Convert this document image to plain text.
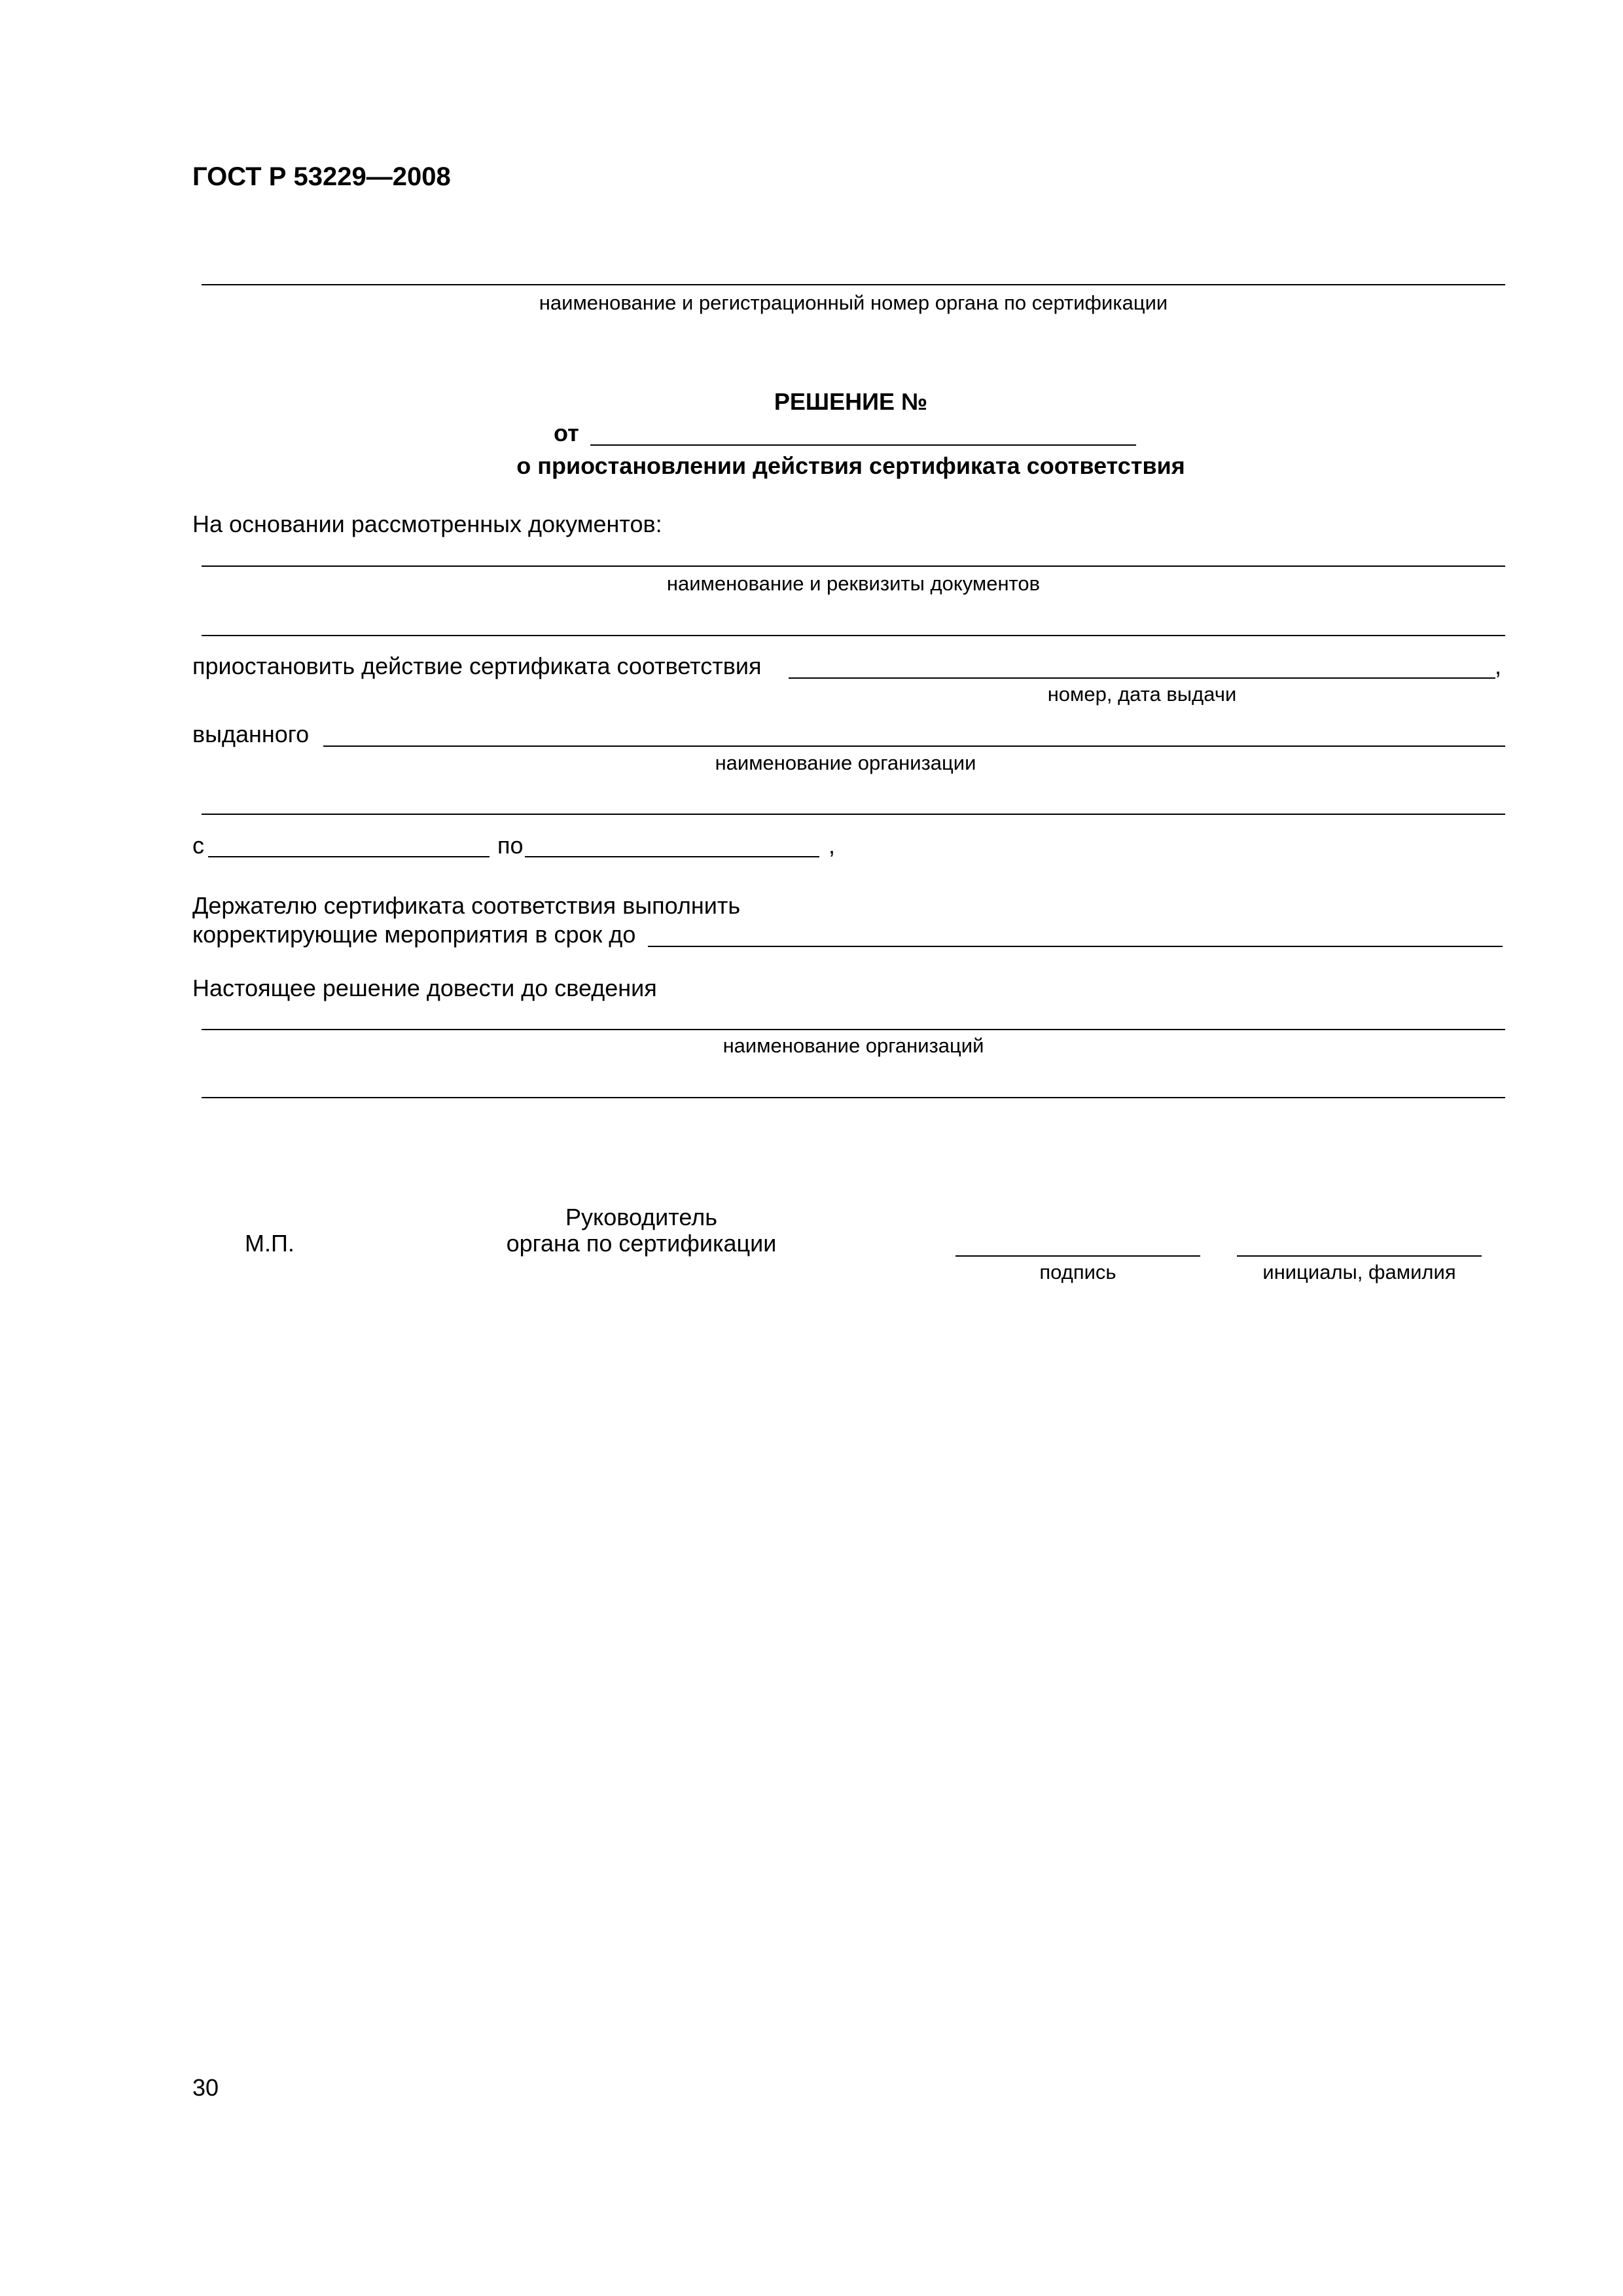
ГОСТ Р 53229—2008
наименование и регистрационный номер органа по сертификации
РЕШЕНИЕ №
от
о приостановлении действия сертификата соответствия
На основании рассмотренных документов:
наименование и реквизиты документов
приостановить действие сертификата соответствия	,
номер, дата выдачи
выданного
наименование организации
с	по	,
Держателю сертификата соответствия выполнить
корректирующие мероприятия в срок до
Настоящее решение довести до сведения
наименование организаций
М.П.
Руководитель
органа по сертификации
подпись	инициалы, фамилия
30
